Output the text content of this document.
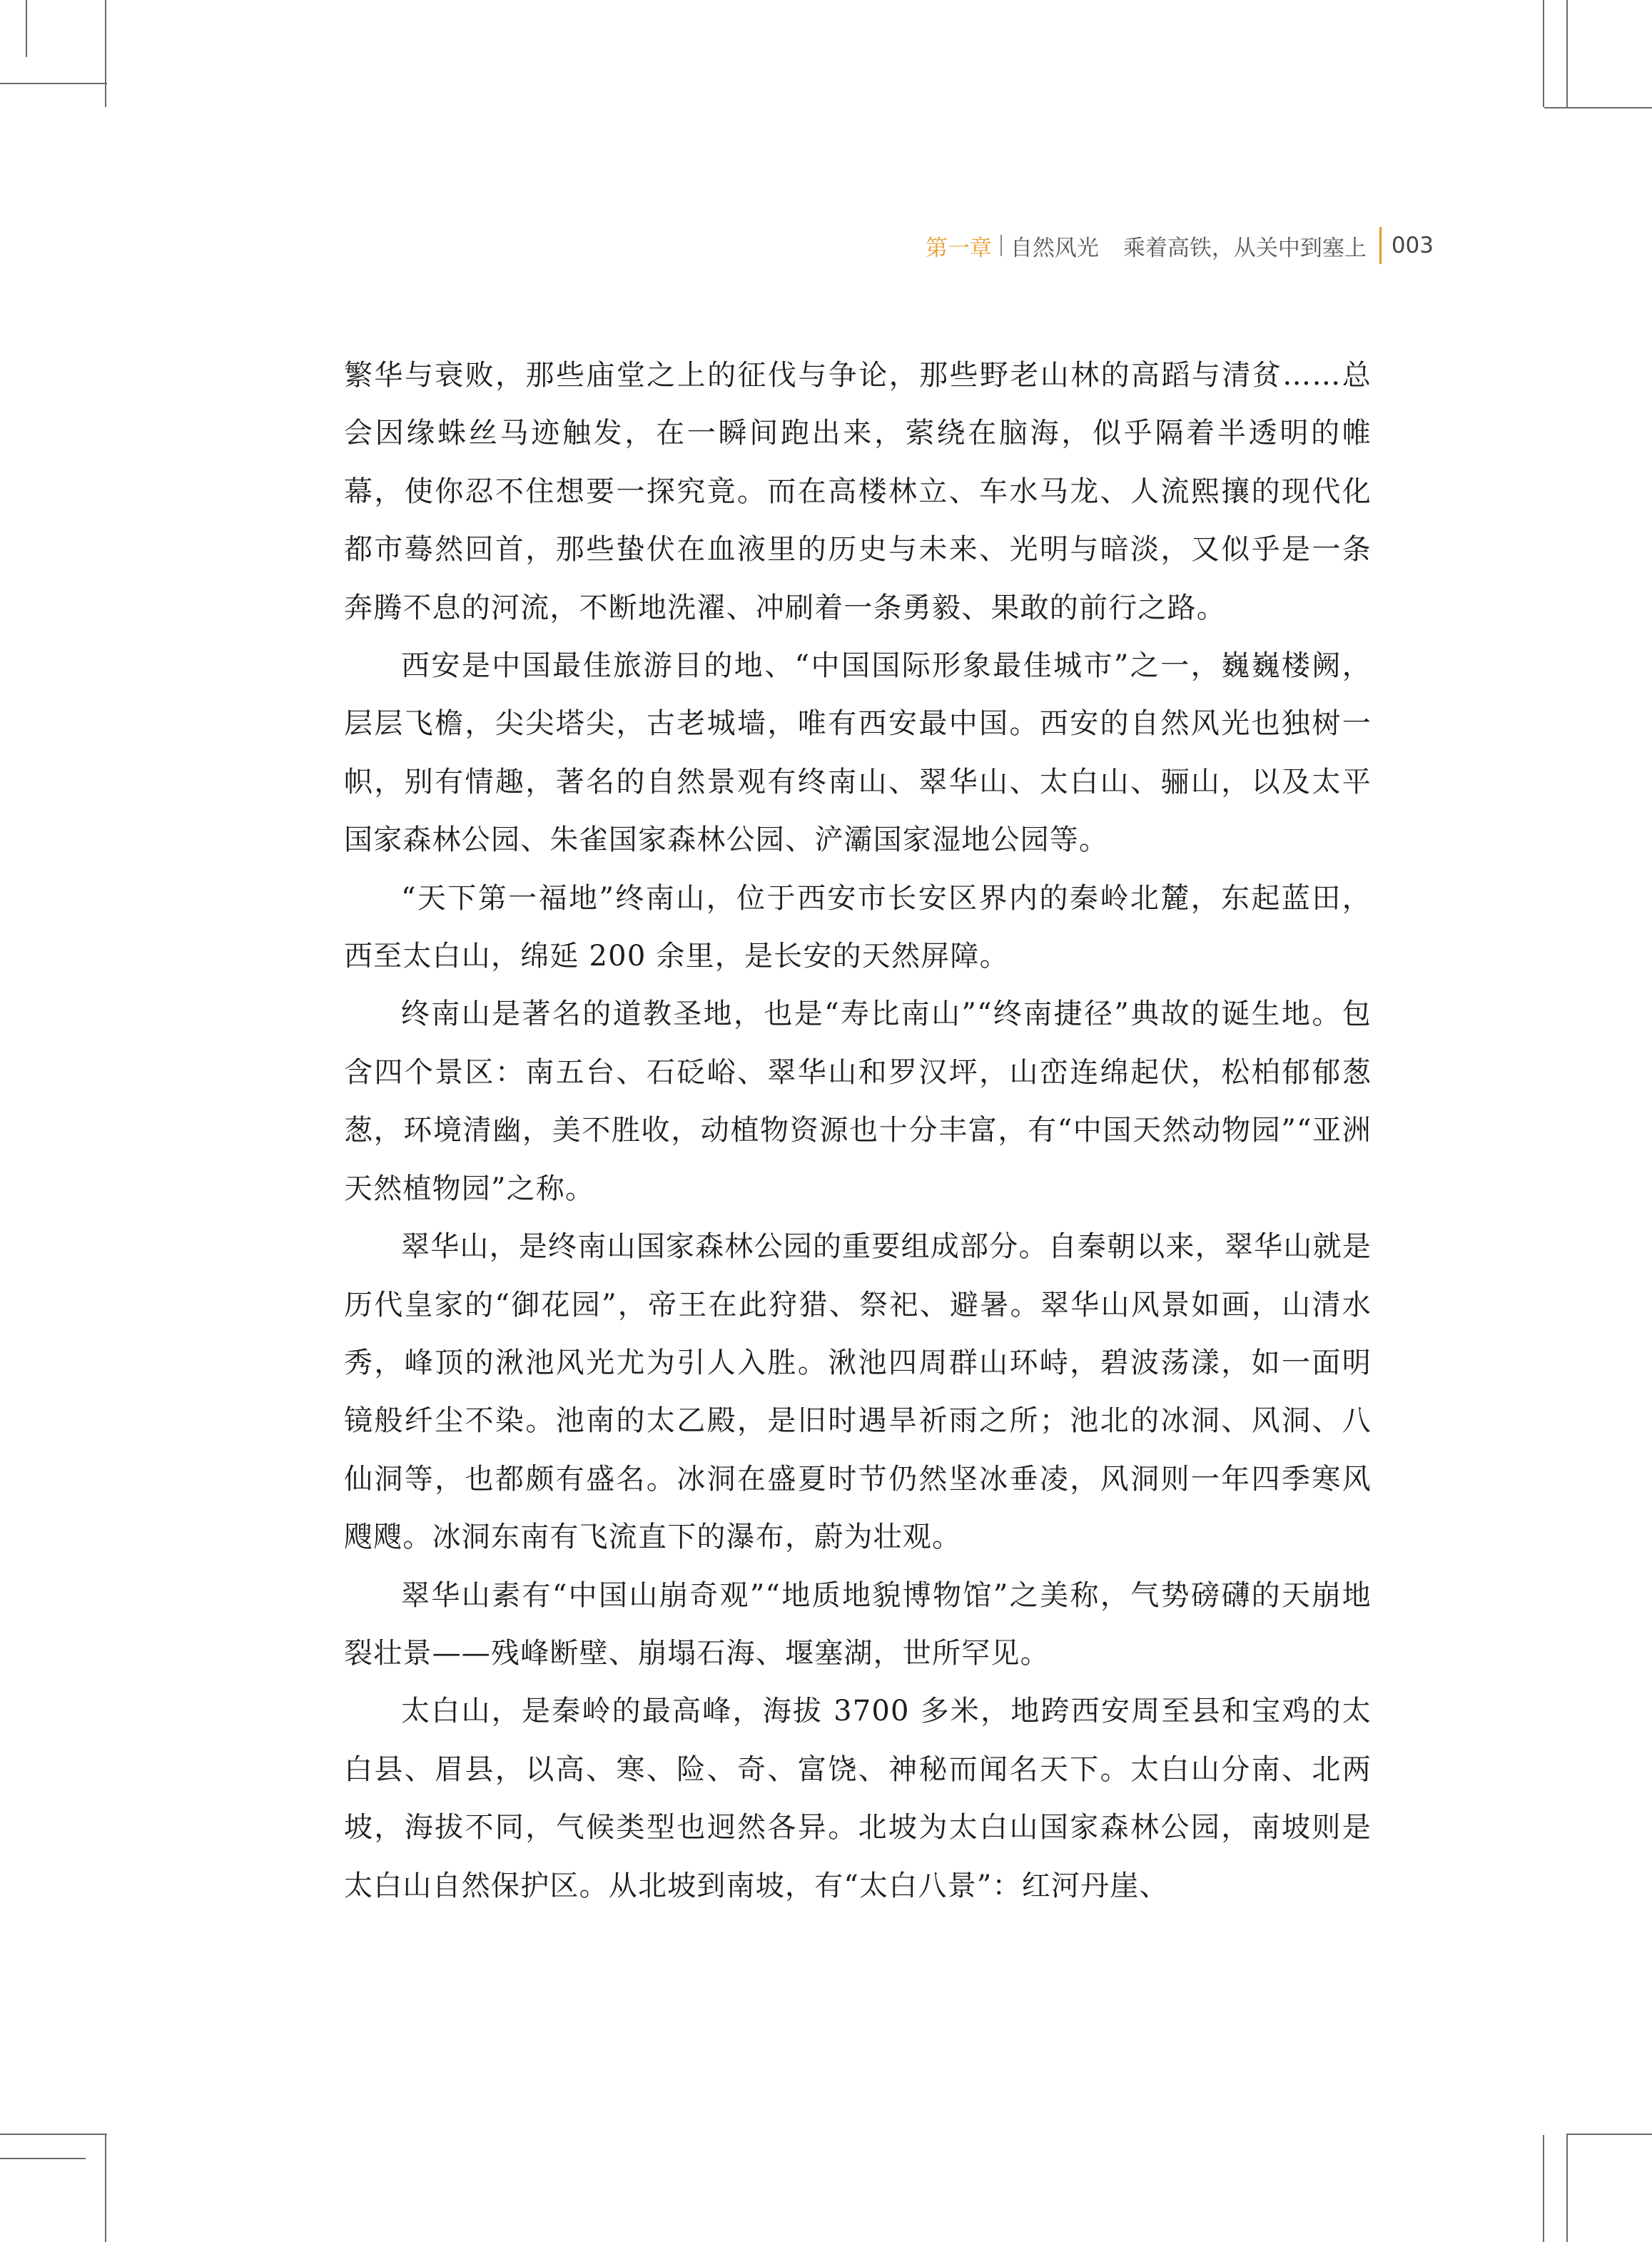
第一章 自然风光 乘着高铁，从关中到塞上 003

繁华与衰败，那些庙堂之上的征伐与争论，那些野老山林的高蹈与清贫……总会因缘蛛丝马迹触发，在一瞬间跑出来，萦绕在脑海，似乎隔着半透明的帷幕，使你忍不住想要一探究竟。而在高楼林立、车水马龙、人流熙攘的现代化都市蓦然回首，那些蛰伏在血液里的历史与未来、光明与暗淡，又似乎是一条奔腾不息的河流，不断地洗濯、冲刷着一条勇毅、果敢的前行之路。

西安是中国最佳旅游目的地、“中国国际形象最佳城市”之一，巍巍楼阙，层层飞檐，尖尖塔尖，古老城墙，唯有西安最中国。西安的自然风光也独树一帜，别有情趣，著名的自然景观有终南山、翠华山、太白山、骊山，以及太平国家森林公园、朱雀国家森林公园、浐灞国家湿地公园等。

“天下第一福地”终南山，位于西安市长安区界内的秦岭北麓，东起蓝田，西至太白山，绵延 200 余里，是长安的天然屏障。

终南山是著名的道教圣地，也是“寿比南山”“终南捷径”典故的诞生地。包含四个景区：南五台、石砭峪、翠华山和罗汉坪，山峦连绵起伏，松柏郁郁葱葱，环境清幽，美不胜收，动植物资源也十分丰富，有“中国天然动物园”“亚洲天然植物园”之称。

翠华山，是终南山国家森林公园的重要组成部分。自秦朝以来，翠华山就是历代皇家的“御花园”，帝王在此狩猎、祭祀、避暑。翠华山风景如画，山清水秀，峰顶的湫池风光尤为引人入胜。湫池四周群山环峙，碧波荡漾，如一面明镜般纤尘不染。池南的太乙殿，是旧时遇旱祈雨之所；池北的冰洞、风洞、八仙洞等，也都颇有盛名。冰洞在盛夏时节仍然坚冰垂凌，风洞则一年四季寒风飕飕。冰洞东南有飞流直下的瀑布，蔚为壮观。

翠华山素有“中国山崩奇观”“地质地貌博物馆”之美称，气势磅礴的天崩地裂壮景——残峰断壁、崩塌石海、堰塞湖，世所罕见。

太白山，是秦岭的最高峰，海拔 3700 多米，地跨西安周至县和宝鸡的太白县、眉县，以高、寒、险、奇、富饶、神秘而闻名天下。太白山分南、北两坡，海拔不同，气候类型也迥然各异。北坡为太白山国家森林公园，南坡则是太白山自然保护区。从北坡到南坡，有“太白八景”：红河丹崖、
